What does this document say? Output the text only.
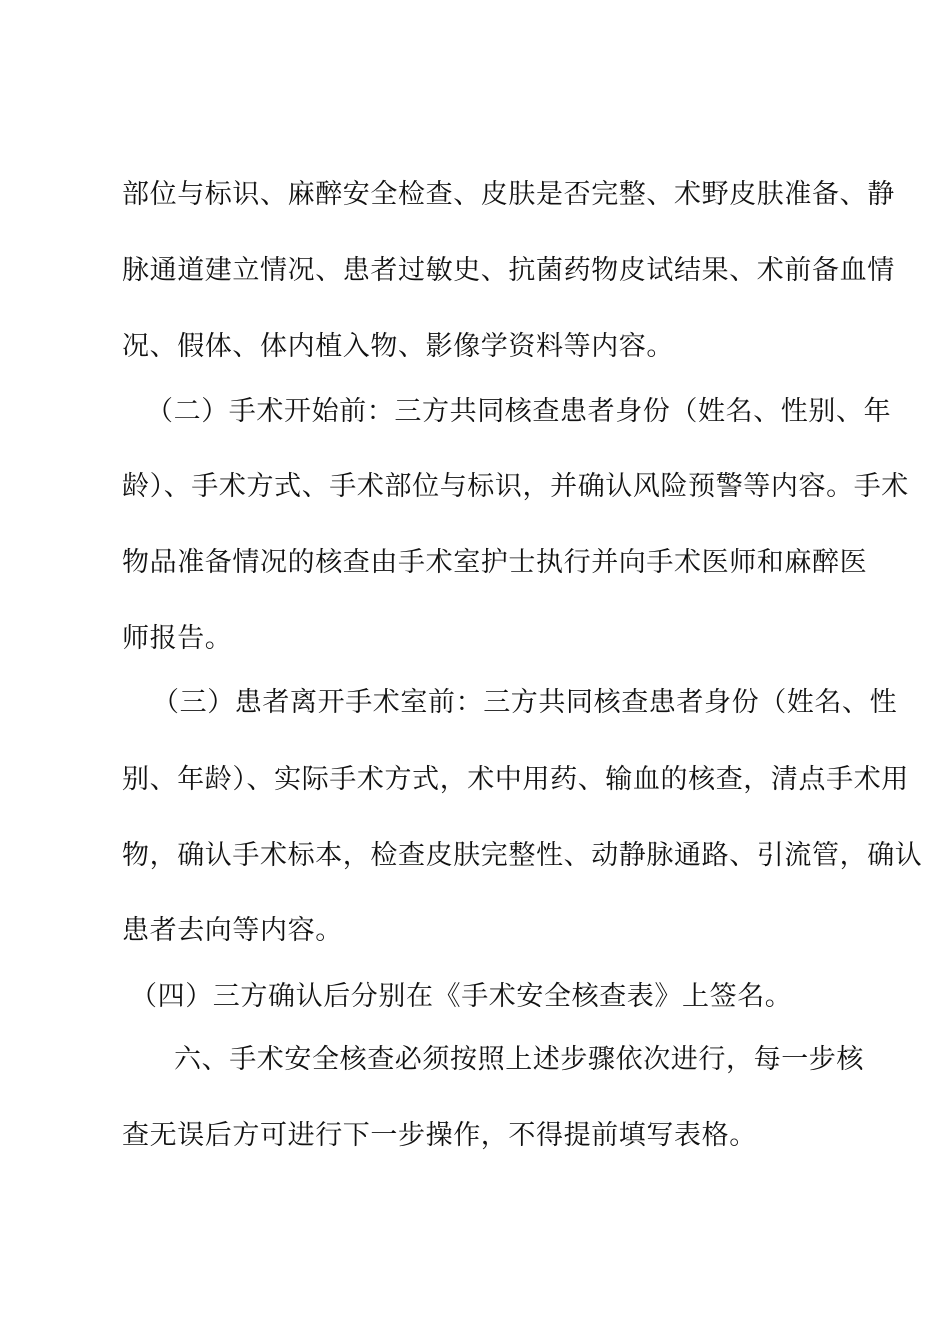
部位与标识、麻醉安全检查、皮肤是否完整、术野皮肤准备、静
脉通道建立情况、患者过敏史、抗菌药物皮试结果、术前备血情
况、假体、体内植入物、影像学资料等内容。
（二）手术开始前：三方共同核查患者身份（姓名、性别、年
龄）、手术方式、手术部位与标识，并确认风险预警等内容。手术
物品准备情况的核查由手术室护士执行并向手术医师和麻醉医
师报告。
（三）患者离开手术室前：三方共同核查患者身份（姓名、性
别、年龄）、实际手术方式，术中用药、输血的核查，清点手术用
物，确认手术标本，检查皮肤完整性、动静脉通路、引流管，确认
患者去向等内容。
（四）三方确认后分别在《手术安全核查表》上签名。
六、手术安全核查必须按照上述步骤依次进行，每一步核
查无误后方可进行下一步操作，不得提前填写表格。
